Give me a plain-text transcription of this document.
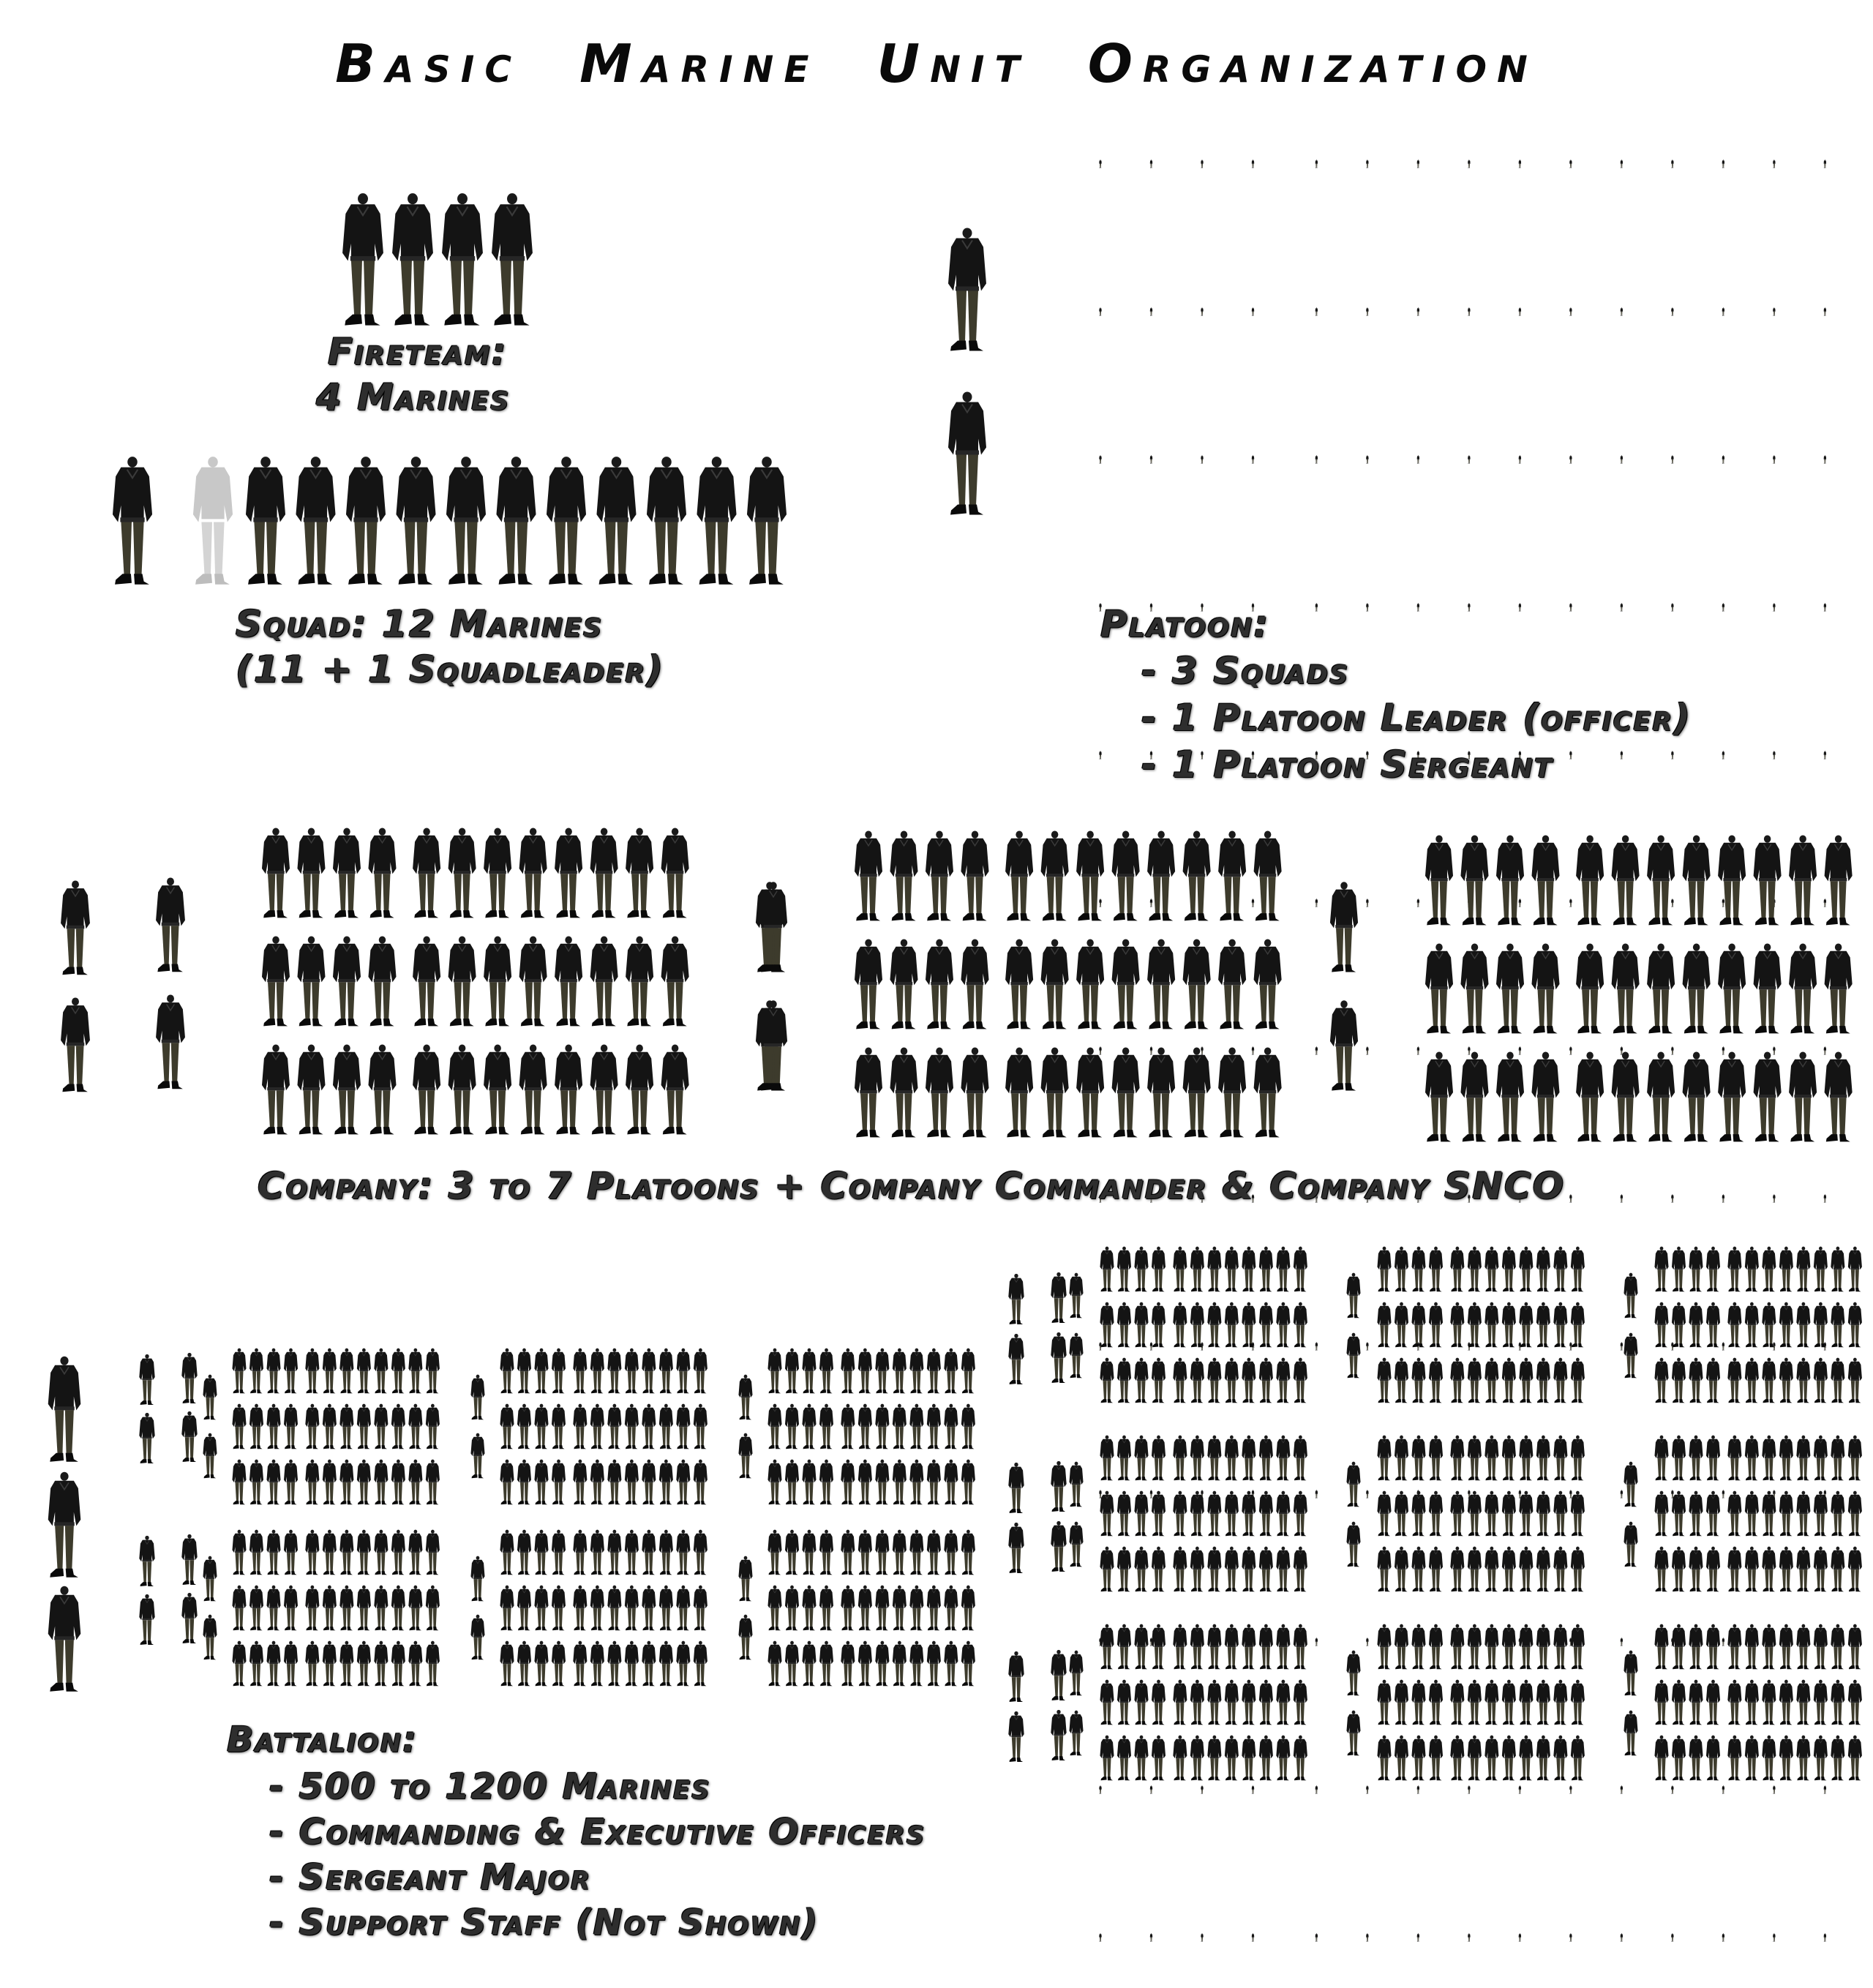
Basic Marine Unit Organization
Fireteam:
4 Marines
Squad: 12 Marines
(11 + 1 Squadleader)
Platoon:
- 3 Squads
- 1 Platoon Leader (officer)
- 1 Platoon Sergeant
Company: 3 to 7 Platoons + Company Commander & Company SNCO
Battalion:
- 500 to 1200 Marines
- Commanding & Executive Officers
- Sergeant Major
- Support Staff (Not Shown)
